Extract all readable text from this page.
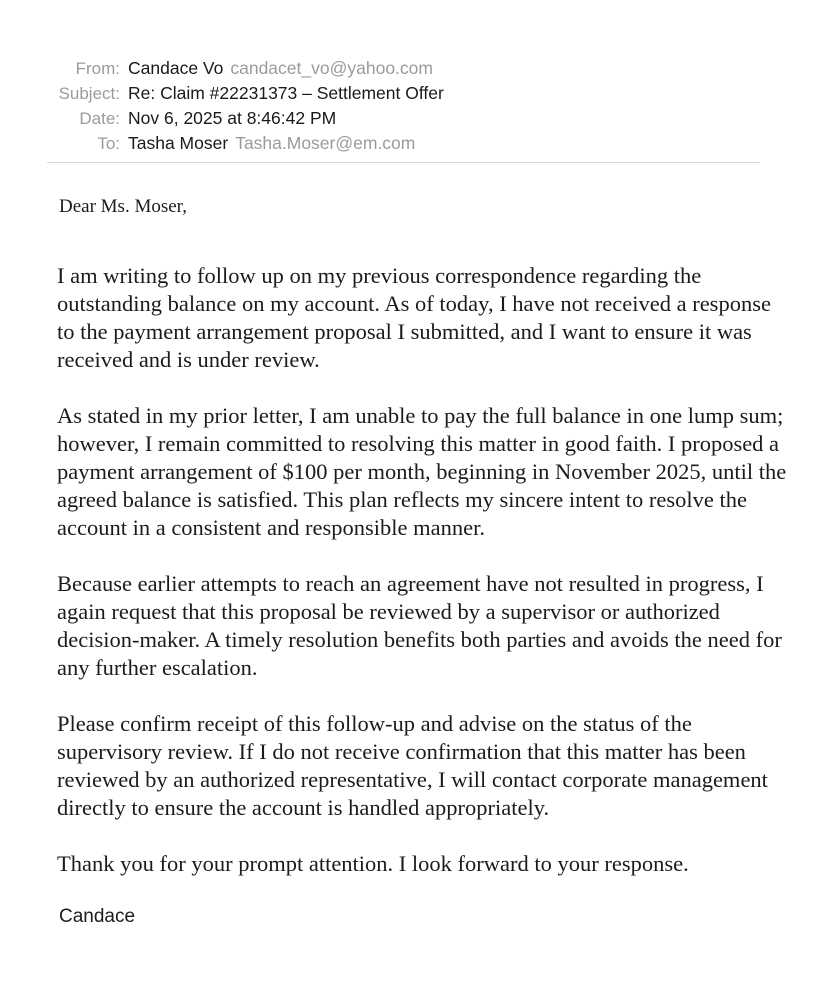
From: Candace Vo candacet_vo@yahoo.com
Subject: Re: Claim #22231373 – Settlement Offer
Date: Nov 6, 2025 at 8:46:42 PM
To: Tasha Moser Tasha.Moser@em.com

Dear Ms. Moser,

I am writing to follow up on my previous correspondence regarding the outstanding balance on my account. As of today, I have not received a response to the payment arrangement proposal I submitted, and I want to ensure it was received and is under review.

As stated in my prior letter, I am unable to pay the full balance in one lump sum; however, I remain committed to resolving this matter in good faith. I proposed a payment arrangement of $100 per month, beginning in November 2025, until the agreed balance is satisfied. This plan reflects my sincere intent to resolve the account in a consistent and responsible manner.

Because earlier attempts to reach an agreement have not resulted in progress, I again request that this proposal be reviewed by a supervisor or authorized decision-maker. A timely resolution benefits both parties and avoids the need for any further escalation.

Please confirm receipt of this follow-up and advise on the status of the supervisory review. If I do not receive confirmation that this matter has been reviewed by an authorized representative, I will contact corporate management directly to ensure the account is handled appropriately.

Thank you for your prompt attention. I look forward to your response.

Candace
